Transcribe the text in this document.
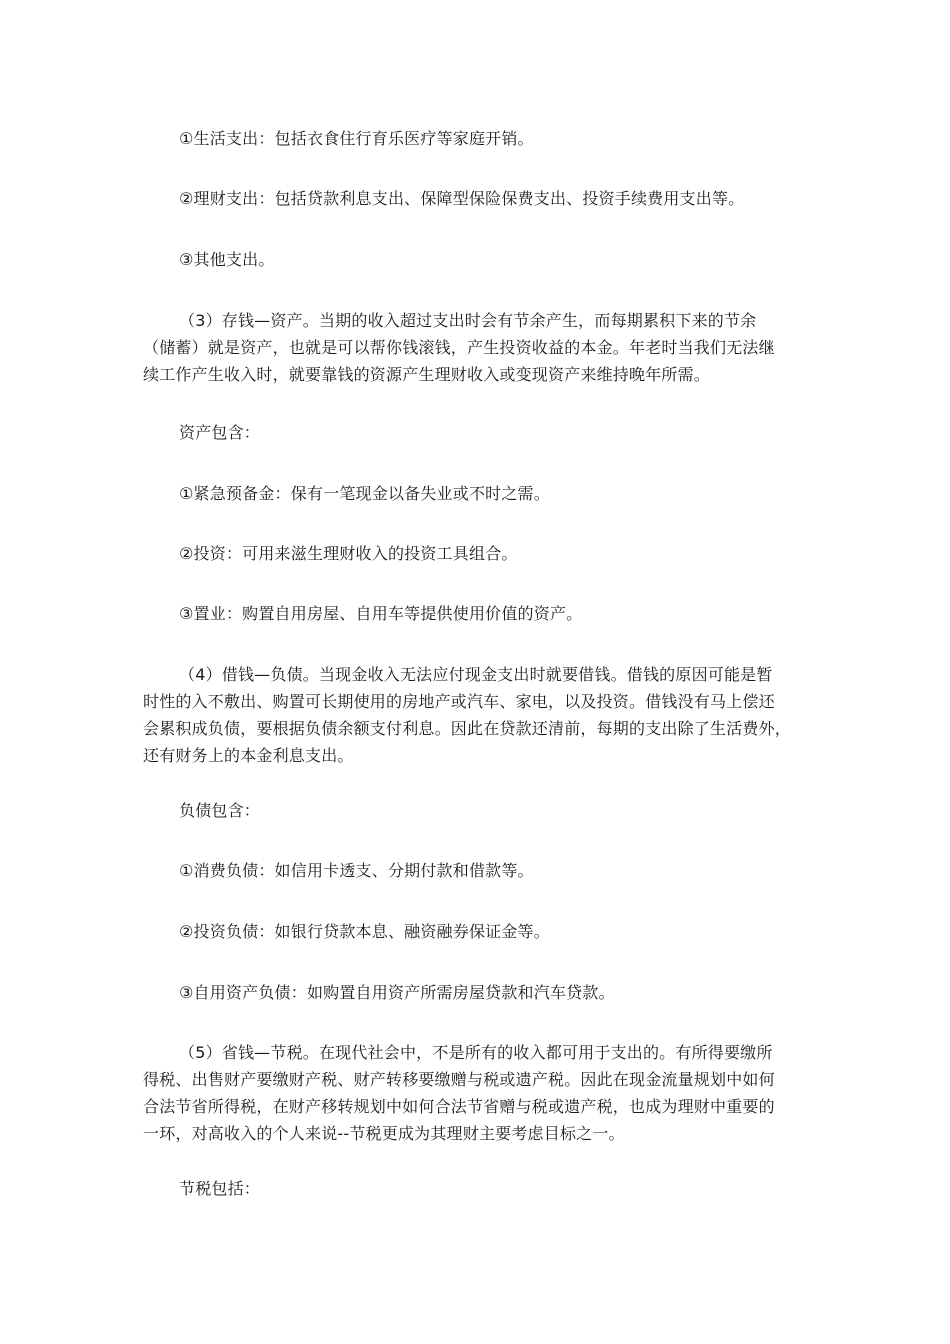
①生活支出：包括衣食住行育乐医疗等家庭开销。
②理财支出：包括贷款利息支出、保障型保险保费支出、投资手续费用支出等。
③其他支出。
（3）存钱—资产。当期的收入超过支出时会有节余产生，而每期累积下来的节余
（储蓄）就是资产，也就是可以帮你钱滚钱，产生投资收益的本金。年老时当我们无法继
续工作产生收入时，就要靠钱的资源产生理财收入或变现资产来维持晚年所需。
资产包含：
①紧急预备金：保有一笔现金以备失业或不时之需。
②投资：可用来滋生理财收入的投资工具组合。
③置业：购置自用房屋、自用车等提供使用价值的资产。
（4）借钱—负债。当现金收入无法应付现金支出时就要借钱。借钱的原因可能是暂
时性的入不敷出、购置可长期使用的房地产或汽车、家电，以及投资。借钱没有马上偿还
会累积成负债，要根据负债余额支付利息。因此在贷款还清前，每期的支出除了生活费外，
还有财务上的本金利息支出。
负债包含：
①消费负债：如信用卡透支、分期付款和借款等。
②投资负债：如银行贷款本息、融资融券保证金等。
③自用资产负债：如购置自用资产所需房屋贷款和汽车贷款。
（5）省钱—节税。在现代社会中，不是所有的收入都可用于支出的。有所得要缴所
得税、出售财产要缴财产税、财产转移要缴赠与税或遗产税。因此在现金流量规划中如何
合法节省所得税，在财产移转规划中如何合法节省赠与税或遗产税，也成为理财中重要的
一环，对高收入的个人来说--节税更成为其理财主要考虑目标之一。
节税包括：
